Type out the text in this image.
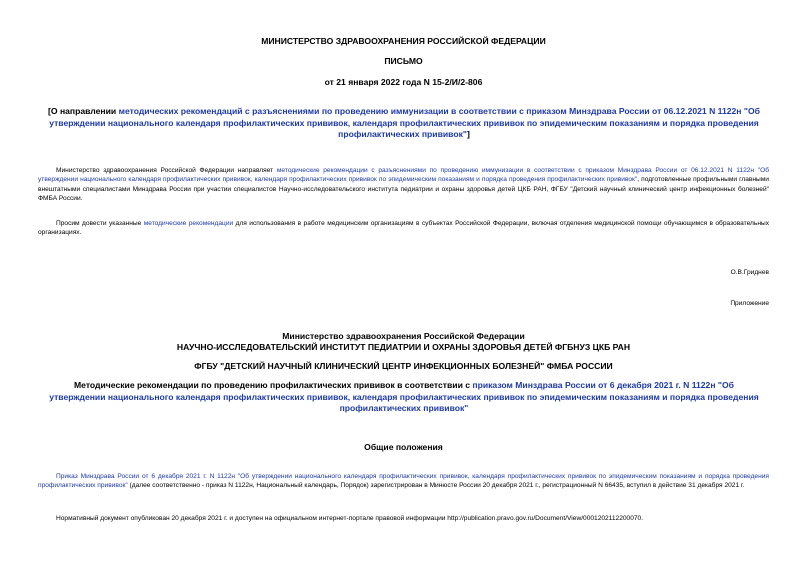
МИНИСТЕРСТВО ЗДРАВООХРАНЕНИЯ РОССИЙСКОЙ ФЕДЕРАЦИИ
ПИСЬМО
от 21 января 2022 года N 15-2/И/2-806
[О направлении методических рекомендаций с разъяснениями по проведению иммунизации в соответствии с приказом Минздрава России от 06.12.2021 N 1122н "Об утверждении национального календаря профилактических прививок, календаря профилактических прививок по эпидемическим показаниям и порядка проведения профилактических прививок"]
Министерство здравоохранения Российской Федерации направляет методические рекомендации с разъяснениями по проведению иммунизации в соответствии с приказом Минздрава России от 06.12.2021 N 1122н "Об утверждении национального календаря профилактических прививок, календаря профилактических прививок по эпидемическим показаниям и порядка проведения профилактических прививок", подготовленные профильными главными внештатными специалистами Минздрава России при участии специалистов Научно-исследовательского института педиатрии и охраны здоровья детей ЦКБ РАН, ФГБУ "Детский научный клинический центр инфекционных болезней" ФМБА России.
Просим довести указанные методические рекомендации для использования в работе медицинским организациям в субъектах Российской Федерации, включая отделения медицинской помощи обучающимся в образовательных организациях.
О.В.Гриднев
Приложение
Министерство здравоохранения Российской Федерации
НАУЧНО-ИССЛЕДОВАТЕЛЬСКИЙ ИНСТИТУТ ПЕДИАТРИИ И ОХРАНЫ ЗДОРОВЬЯ ДЕТЕЙ ФГБНУЗ ЦКБ РАН
ФГБУ "ДЕТСКИЙ НАУЧНЫЙ КЛИНИЧЕСКИЙ ЦЕНТР ИНФЕКЦИОННЫХ БОЛЕЗНЕЙ" ФМБА РОССИИ
Методические рекомендации по проведению профилактических прививок в соответствии с приказом Минздрава России от 6 декабря 2021 г. N 1122н "Об утверждении национального календаря профилактических прививок, календаря профилактических прививок по эпидемическим показаниям и порядка проведения профилактических прививок"
Общие положения
Приказ Минздрава России от 6 декабря 2021 г. N 1122н "Об утверждении национального календаря профилактических прививок, календаря профилактических прививок по эпидемическим показаниям и порядка проведения профилактических прививок" (далее соответственно - приказ N 1122н, Национальный календарь, Порядок) зарегистрирован в Минюсте России 20 декабря 2021 г., регистрационный N 66435, вступил в действие 31 декабря 2021 г.
Нормативный документ опубликован 20 декабря 2021 г. и доступен на официальном интернет-портале правовой информации http://publication.pravo.gov.ru/Document/View/0001202112200070.
